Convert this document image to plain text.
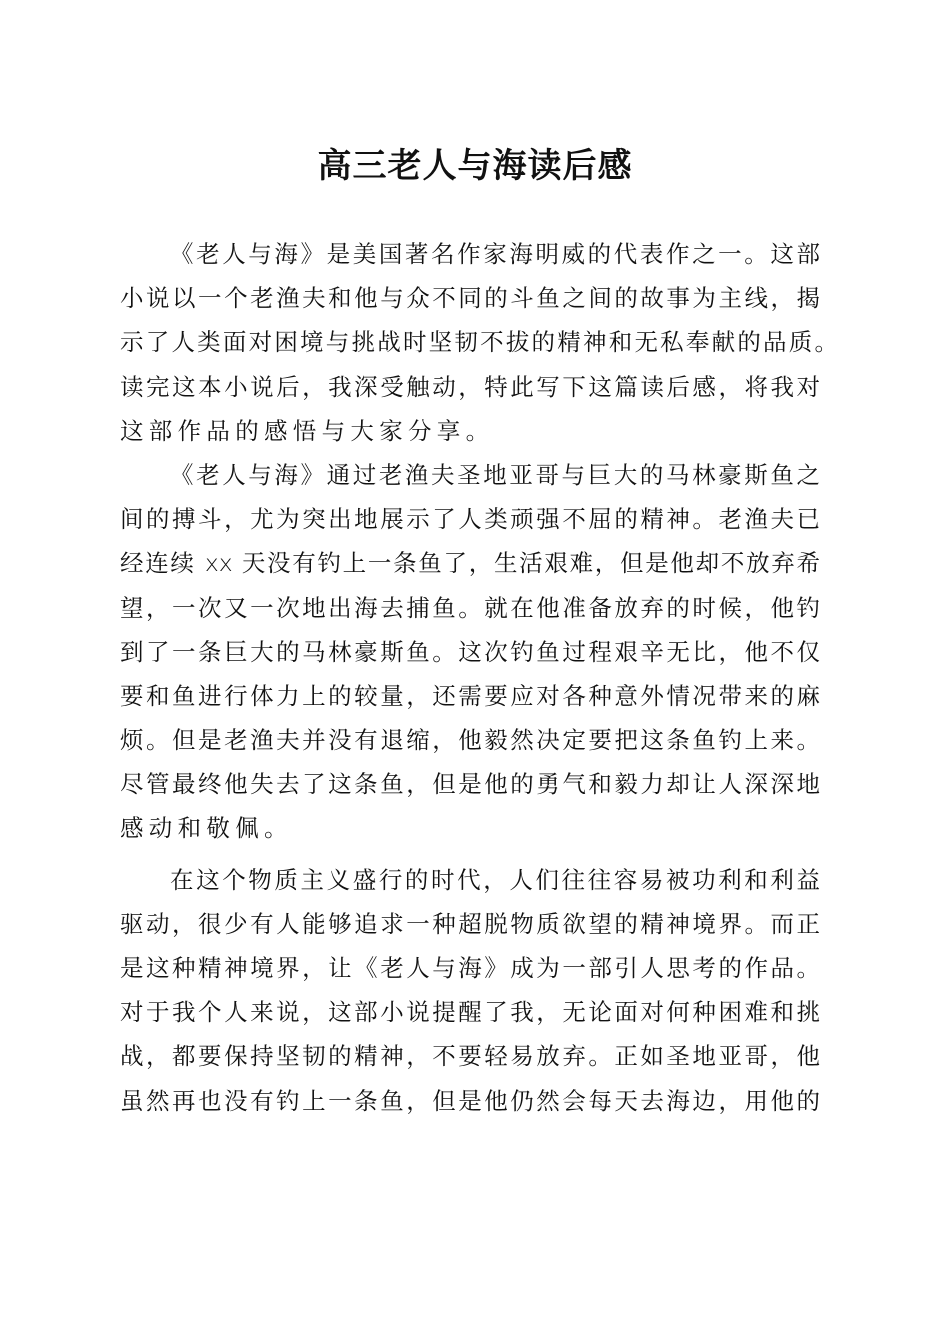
高三老人与海读后感
《老人与海》是美国著名作家海明威的代表作之一。这部
小说以一个老渔夫和他与众不同的斗鱼之间的故事为主线，揭
示了人类面对困境与挑战时坚韧不拔的精神和无私奉献的品质。
读完这本小说后，我深受触动，特此写下这篇读后感，将我对
这部作品的感悟与大家分享。
《老人与海》通过老渔夫圣地亚哥与巨大的马林豪斯鱼之
间的搏斗，尤为突出地展示了人类顽强不屈的精神。老渔夫已
经连续 xx 天没有钓上一条鱼了，生活艰难，但是他却不放弃希
望，一次又一次地出海去捕鱼。就在他准备放弃的时候，他钓
到了一条巨大的马林豪斯鱼。这次钓鱼过程艰辛无比，他不仅
要和鱼进行体力上的较量，还需要应对各种意外情况带来的麻
烦。但是老渔夫并没有退缩，他毅然决定要把这条鱼钓上来。
尽管最终他失去了这条鱼，但是他的勇气和毅力却让人深深地
感动和敬佩。
在这个物质主义盛行的时代，人们往往容易被功利和利益
驱动，很少有人能够追求一种超脱物质欲望的精神境界。而正
是这种精神境界，让《老人与海》成为一部引人思考的作品。
对于我个人来说，这部小说提醒了我，无论面对何种困难和挑
战，都要保持坚韧的精神，不要轻易放弃。正如圣地亚哥，他
虽然再也没有钓上一条鱼，但是他仍然会每天去海边，用他的
